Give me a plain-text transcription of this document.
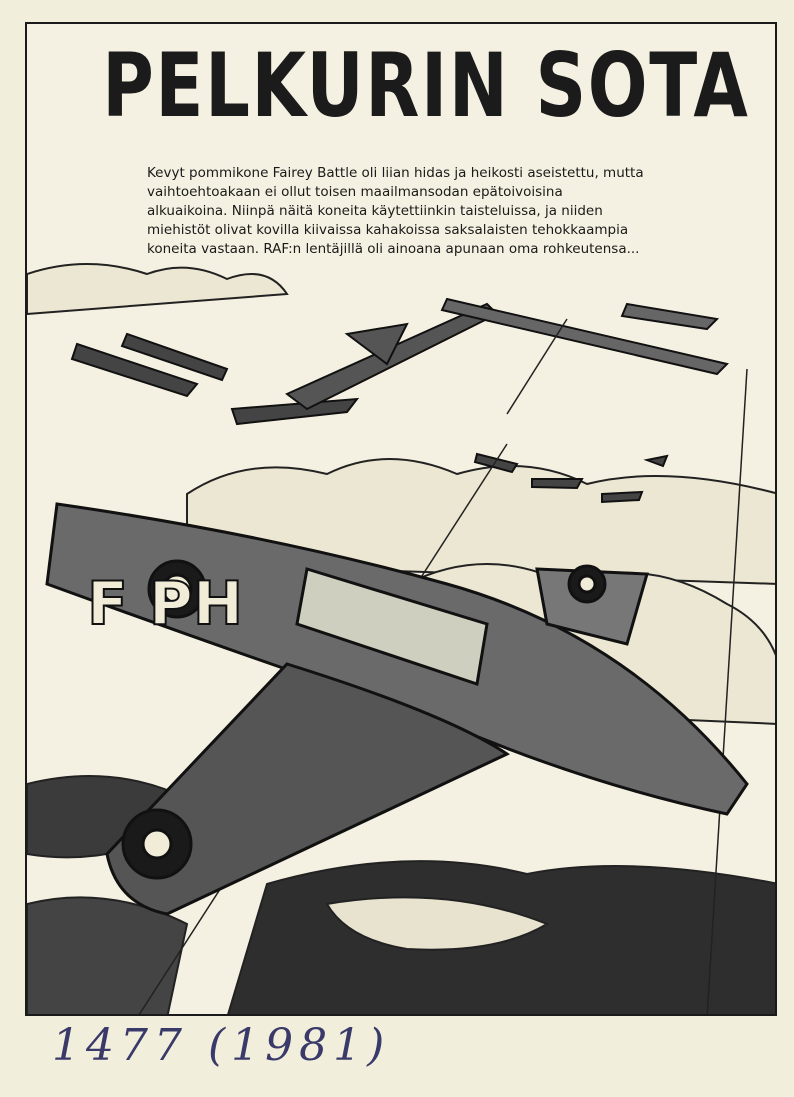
F PH
PELKURIN SOTA
Kevyt pommikone Fairey Battle oli liian hidas ja heikosti aseistettu, mutta vaihtoehtoakaan ei ollut toisen maailmansodan epätoivoisina alkuaikoina. Niinpä näitä koneita käytettiinkin taisteluissa, ja niiden miehistöt olivat kovilla kiivaissa kahakoissa saksalaisten tehokkaampia koneita vastaan. RAF:n lentäjillä oli ainoana apunaan oma rohkeutensa...
1477 (1981)
